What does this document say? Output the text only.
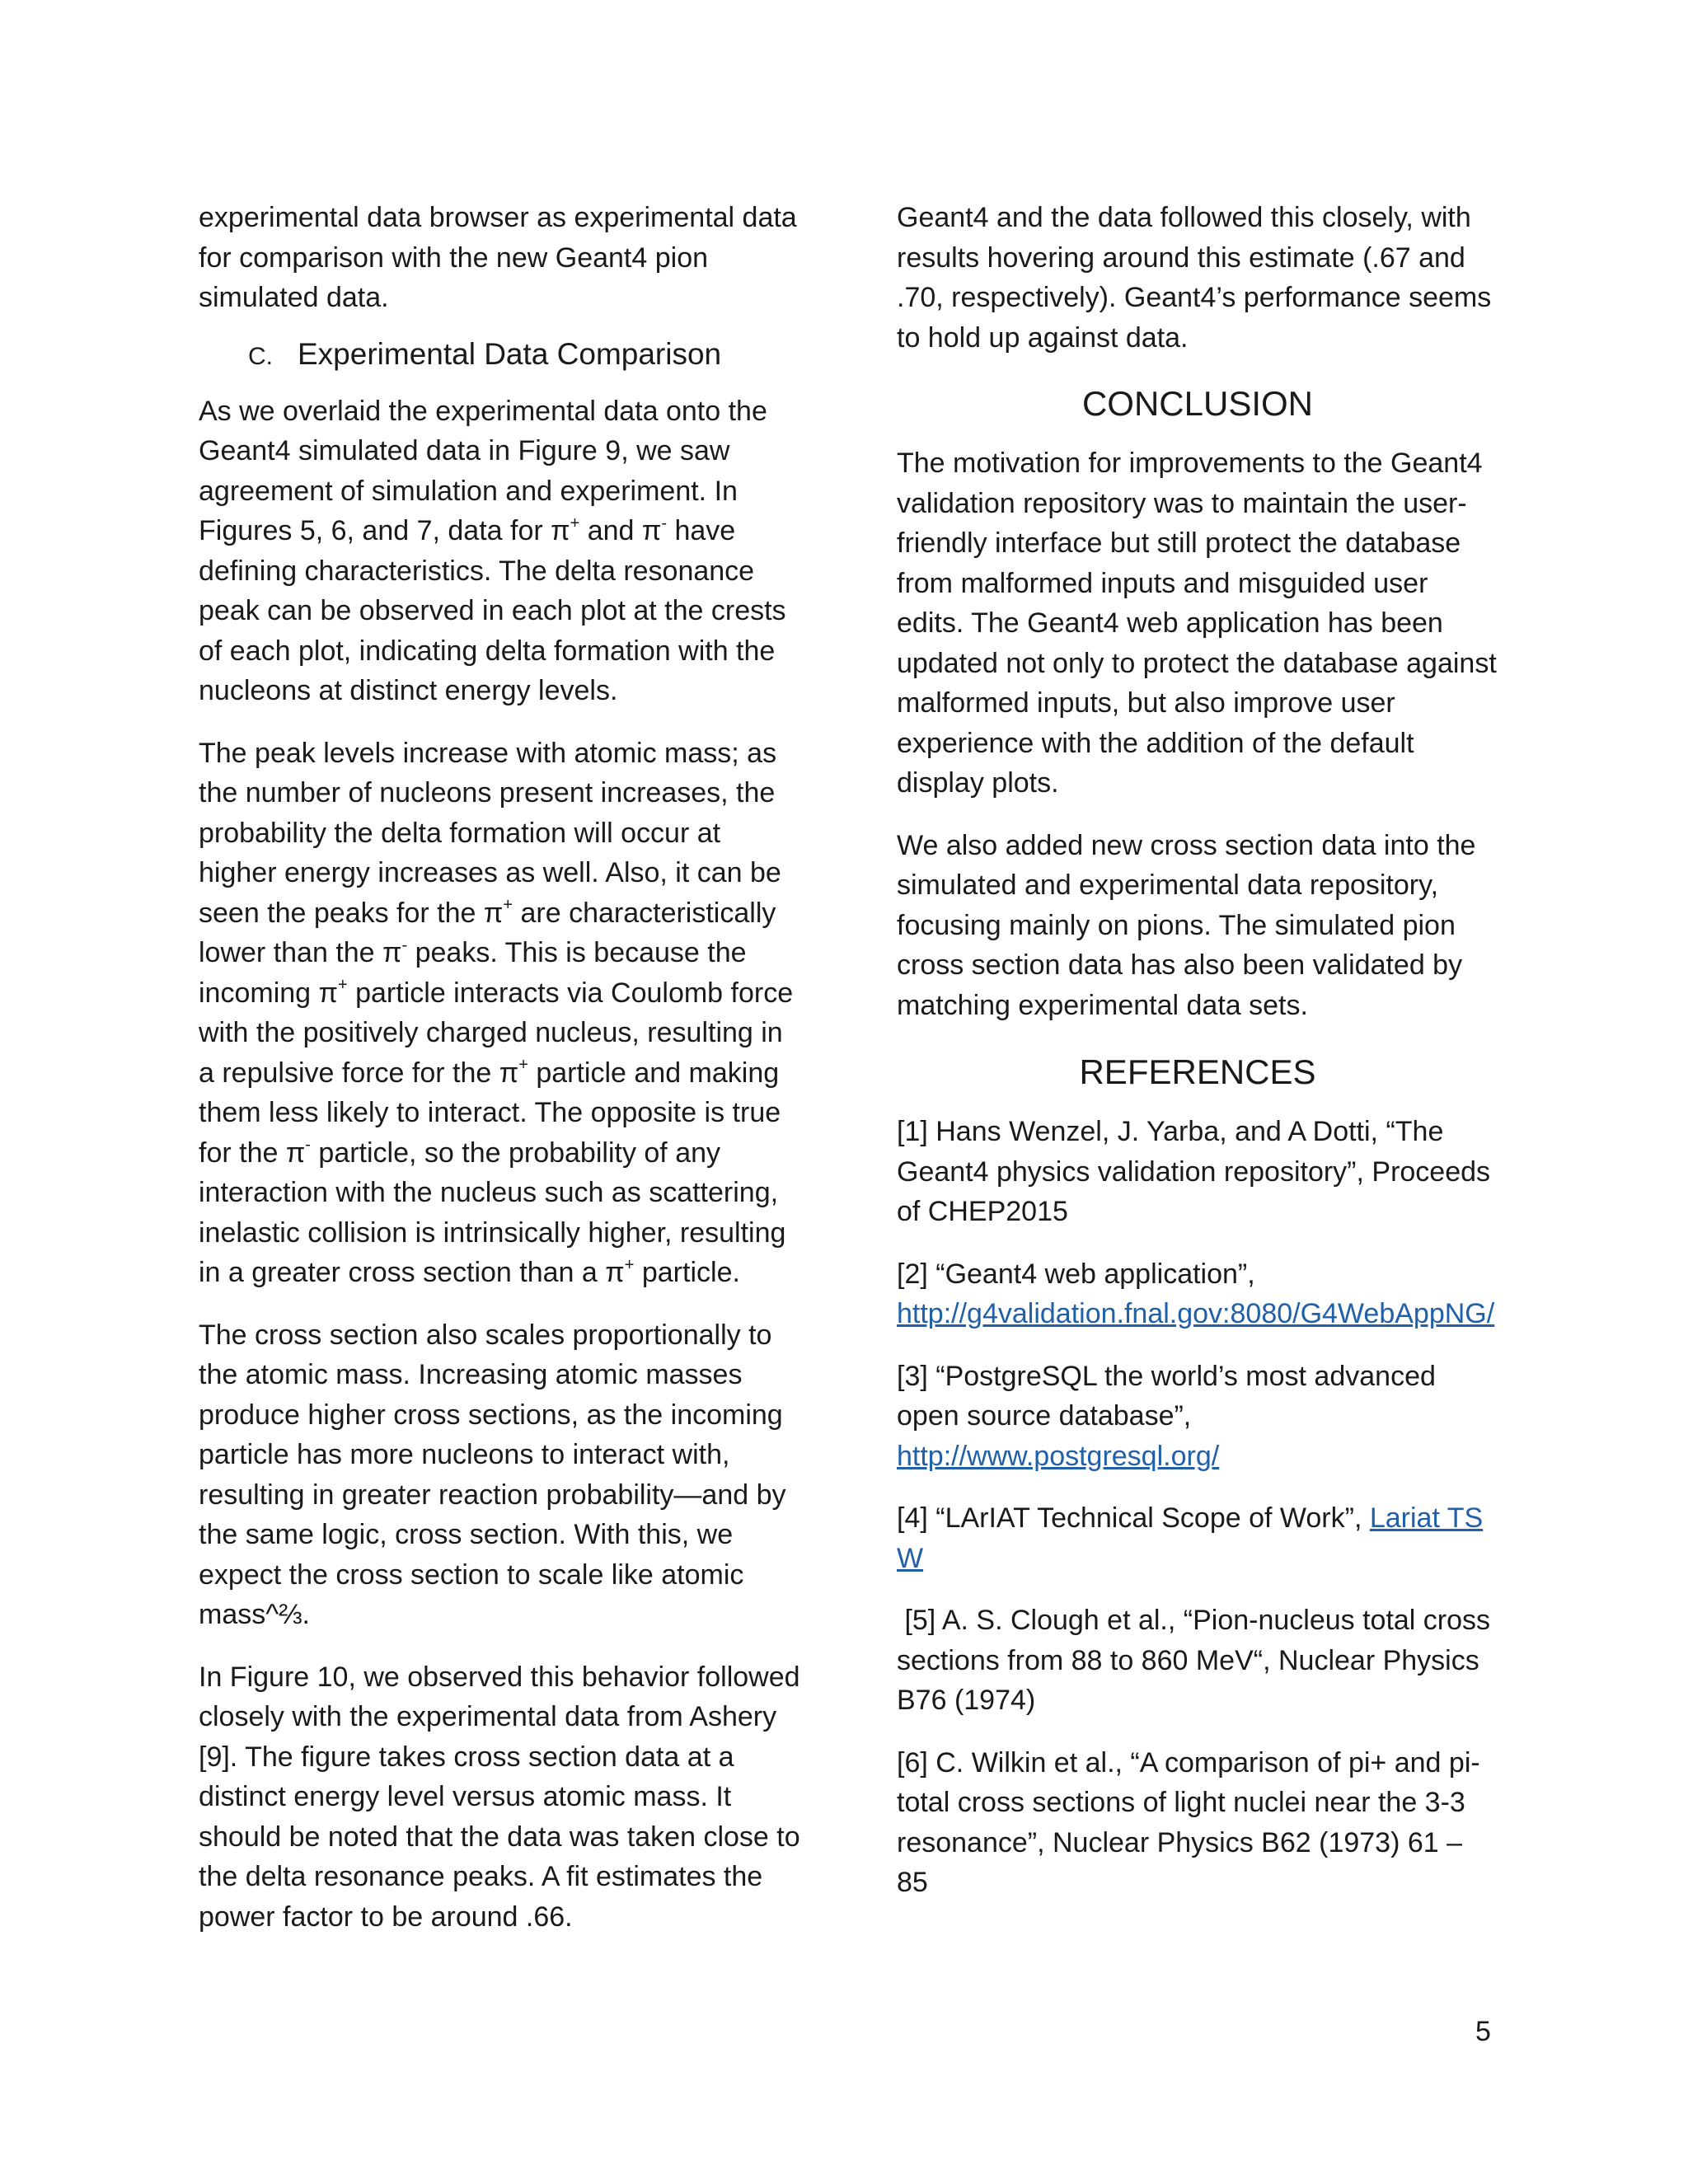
experimental data browser as experimental data for comparison with the new Geant4 pion simulated data.

C. Experimental Data Comparison

As we overlaid the experimental data onto the Geant4 simulated data in Figure 9, we saw agreement of simulation and experiment. In Figures 5, 6, and 7, data for π+ and π- have defining characteristics. The delta resonance peak can be observed in each plot at the crests of each plot, indicating delta formation with the nucleons at distinct energy levels.

The peak levels increase with atomic mass; as the number of nucleons present increases, the probability the delta formation will occur at higher energy increases as well. Also, it can be seen the peaks for the π+ are characteristically lower than the π- peaks. This is because the incoming π+ particle interacts via Coulomb force with the positively charged nucleus, resulting in a repulsive force for the π+ particle and making them less likely to interact. The opposite is true for the π- particle, so the probability of any interaction with the nucleus such as scattering, inelastic collision is intrinsically higher, resulting in a greater cross section than a π+ particle.

The cross section also scales proportionally to the atomic mass. Increasing atomic masses produce higher cross sections, as the incoming particle has more nucleons to interact with, resulting in greater reaction probability—and by the same logic, cross section. With this, we expect the cross section to scale like atomic mass^⅔.

In Figure 10, we observed this behavior followed closely with the experimental data from Ashery [9]. The figure takes cross section data at a distinct energy level versus atomic mass. It should be noted that the data was taken close to the delta resonance peaks. A fit estimates the power factor to be around .66.

Geant4 and the data followed this closely, with results hovering around this estimate (.67 and .70, respectively). Geant4’s performance seems to hold up against data.

CONCLUSION

The motivation for improvements to the Geant4 validation repository was to maintain the user-friendly interface but still protect the database from malformed inputs and misguided user edits. The Geant4 web application has been updated not only to protect the database against malformed inputs, but also improve user experience with the addition of the default display plots.

We also added new cross section data into the simulated and experimental data repository, focusing mainly on pions. The simulated pion cross section data has also been validated by matching experimental data sets.

REFERENCES

[1] Hans Wenzel, J. Yarba, and A Dotti, “The Geant4 physics validation repository”, Proceeds of CHEP2015

[2] “Geant4 web application”,
http://g4validation.fnal.gov:8080/G4WebAppNG/

[3] “PostgreSQL the world’s most advanced open source database”,
http://www.postgresql.org/

[4] “LArIAT Technical Scope of Work”, Lariat TSW

[5] A. S. Clough et al., “Pion-nucleus total cross sections from 88 to 860 MeV“, Nuclear Physics B76 (1974)

[6] C. Wilkin et al., “A comparison of pi+ and pi- total cross sections of light nuclei near the 3-3 resonance”, Nuclear Physics B62 (1973) 61 – 85

5
